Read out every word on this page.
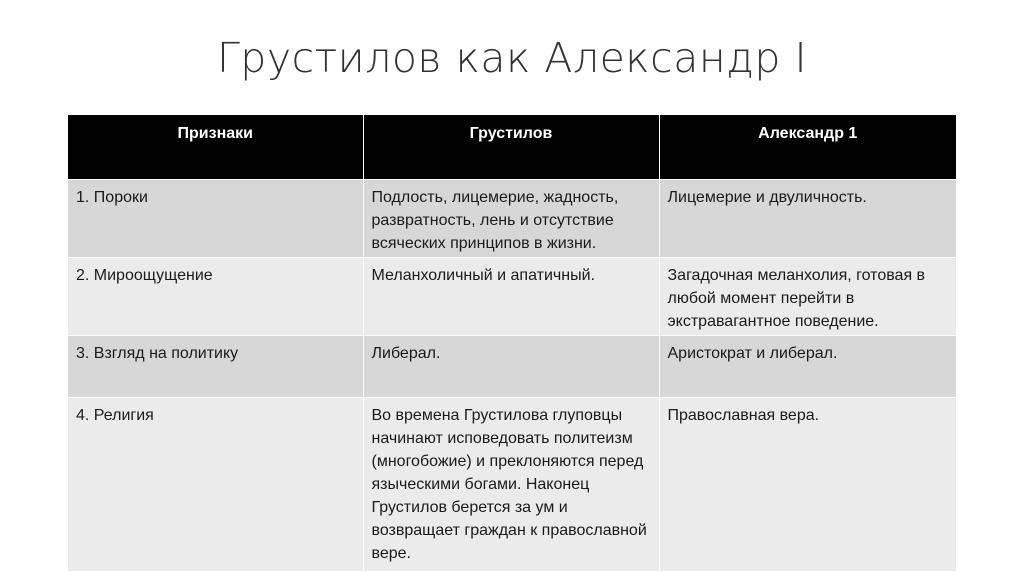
Грустилов как Александр I
Признаки	Грустилов	Александр 1
1. Пороки	Подлость, лицемерие, жадность, развратность, лень и отсутствие всяческих принципов в жизни.	Лицемерие и двуличность.
2. Мироощущение	Меланхоличный и апатичный.	Загадочная меланхолия, готовая в любой момент перейти в экстравагантное поведение.
3. Взгляд на политику	Либерал.	Аристократ и либерал.
4. Религия	Во времена Грустилова глуповцы начинают исповедовать политеизм (многобожие) и преклоняются перед языческими богами. Наконец Грустилов берется за ум и возвращает граждан к православной вере.	Православная вера.
